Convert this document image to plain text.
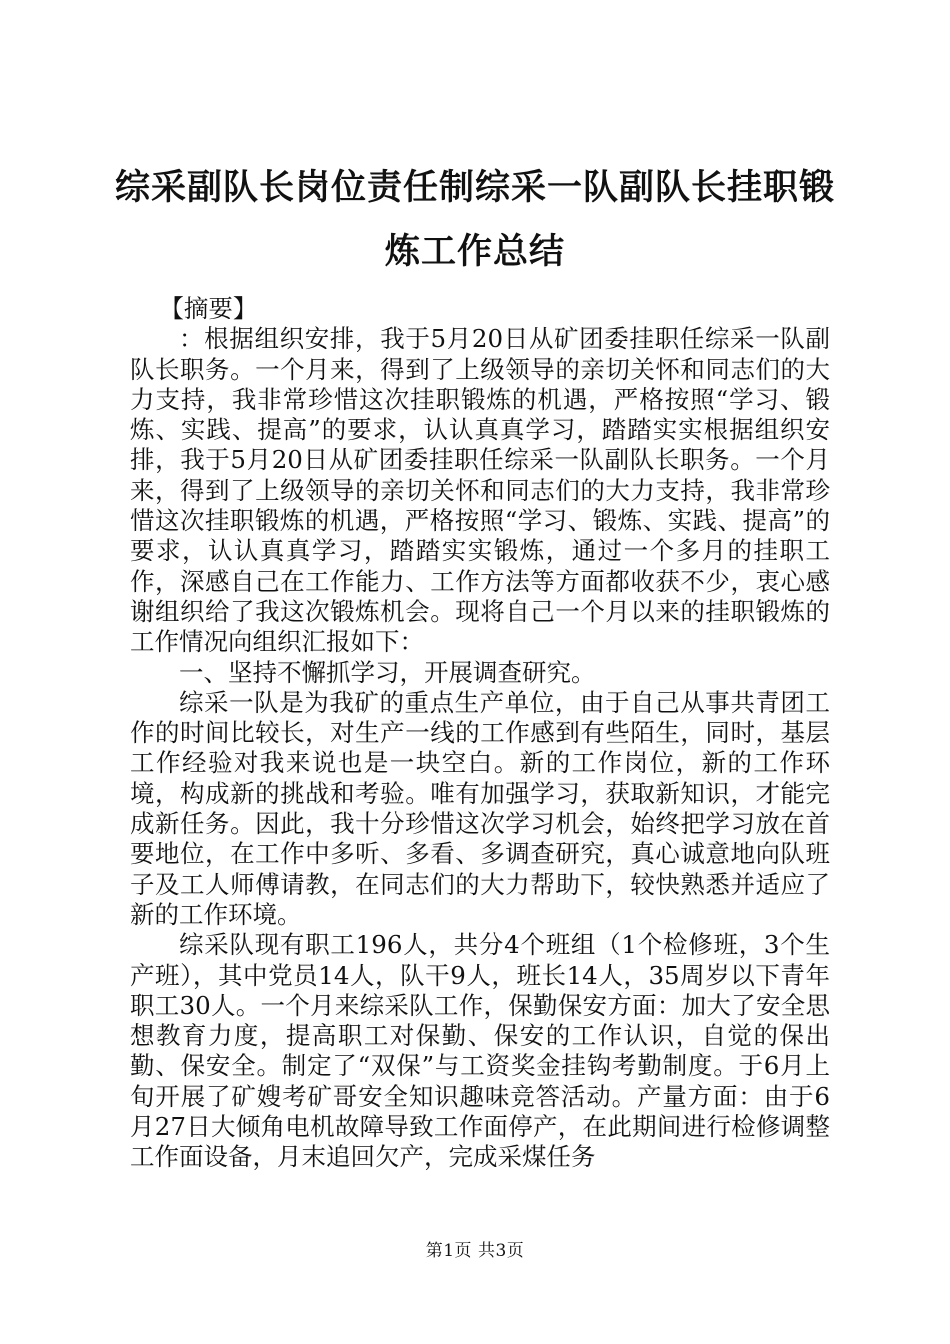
综采副队长岗位责任制综采一队副队长挂职锻炼工作总结

【摘要】

：根据组织安排，我于5月20日从矿团委挂职任综采一队副队长职务。一个月来，得到了上级领导的亲切关怀和同志们的大力支持，我非常珍惜这次挂职锻炼的机遇，严格按照“学习、锻炼、实践、提高”的要求，认认真真学习，踏踏实实根据组织安排，我于5月20日从矿团委挂职任综采一队副队长职务。一个月来，得到了上级领导的亲切关怀和同志们的大力支持，我非常珍惜这次挂职锻炼的机遇，严格按照“学习、锻炼、实践、提高”的要求，认认真真学习，踏踏实实锻炼，通过一个多月的挂职工作，深感自己在工作能力、工作方法等方面都收获不少，衷心感谢组织给了我这次锻炼机会。现将自己一个月以来的挂职锻炼的工作情况向组织汇报如下：

一、坚持不懈抓学习，开展调查研究。

综采一队是为我矿的重点生产单位，由于自己从事共青团工作的时间比较长，对生产一线的工作感到有些陌生，同时，基层工作经验对我来说也是一块空白。新的工作岗位，新的工作环境，构成新的挑战和考验。唯有加强学习，获取新知识，才能完成新任务。因此，我十分珍惜这次学习机会，始终把学习放在首要地位，在工作中多听、多看、多调查研究，真心诚意地向队班子及工人师傅请教，在同志们的大力帮助下，较快熟悉并适应了新的工作环境。

综采队现有职工196人，共分4个班组（1个检修班，3个生产班），其中党员14人，队干9人，班长14人，35周岁以下青年职工30人。一个月来综采队工作，保勤保安方面：加大了安全思想教育力度，提高职工对保勤、保安的工作认识，自觉的保出勤、保安全。制定了“双保”与工资奖金挂钩考勤制度。于6月上旬开展了矿嫂考矿哥安全知识趣味竞答活动。产量方面：由于6月27日大倾角电机故障导致工作面停产，在此期间进行检修调整工作面设备，月末追回欠产，完成采煤任务

第1页 共3页
